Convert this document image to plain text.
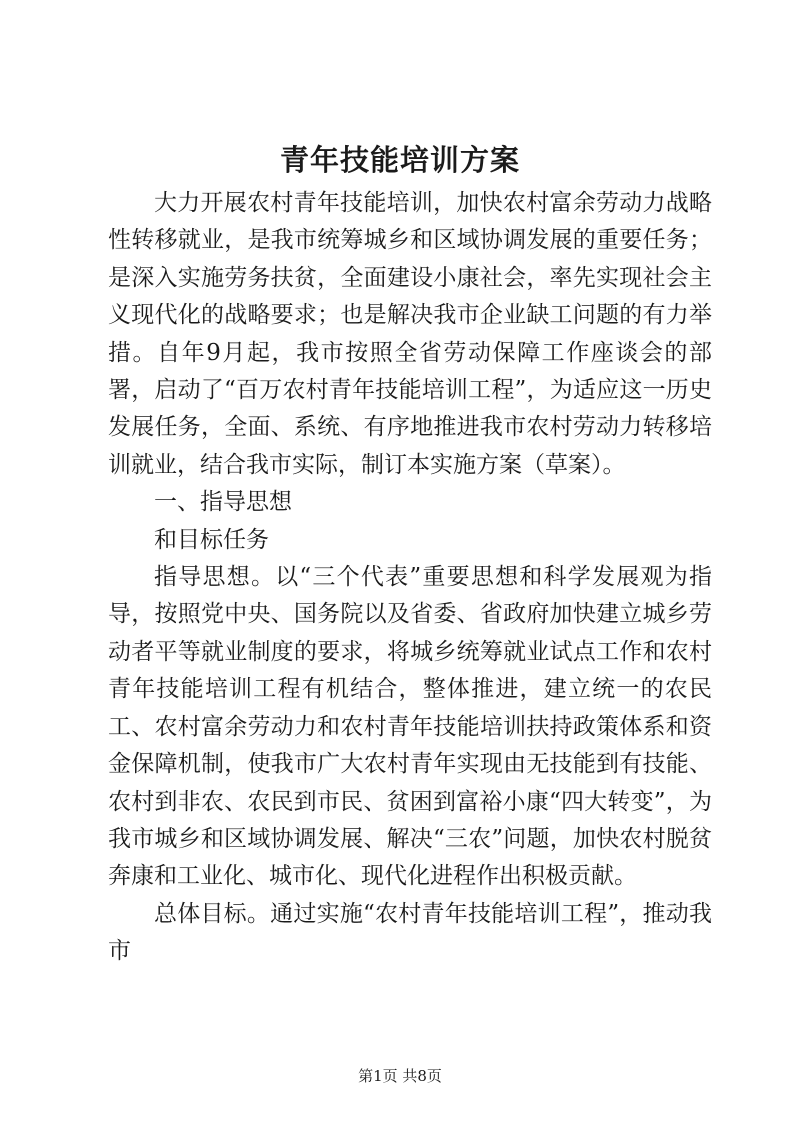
青年技能培训方案

大力开展农村青年技能培训，加快农村富余劳动力战略性转移就业，是我市统筹城乡和区域协调发展的重要任务；是深入实施劳务扶贫，全面建设小康社会，率先实现社会主义现代化的战略要求；也是解决我市企业缺工问题的有力举措。自年9月起，我市按照全省劳动保障工作座谈会的部署，启动了“百万农村青年技能培训工程”，为适应这一历史发展任务，全面、系统、有序地推进我市农村劳动力转移培训就业，结合我市实际，制订本实施方案（草案）。

一、指导思想

和目标任务

指导思想。以“三个代表”重要思想和科学发展观为指导，按照党中央、国务院以及省委、省政府加快建立城乡劳动者平等就业制度的要求，将城乡统筹就业试点工作和农村青年技能培训工程有机结合，整体推进，建立统一的农民工、农村富余劳动力和农村青年技能培训扶持政策体系和资金保障机制，使我市广大农村青年实现由无技能到有技能、农村到非农、农民到市民、贫困到富裕小康“四大转变”，为我市城乡和区域协调发展、解决“三农”问题，加快农村脱贫奔康和工业化、城市化、现代化进程作出积极贡献。

总体目标。通过实施“农村青年技能培训工程”，推动我市

第1页 共8页
